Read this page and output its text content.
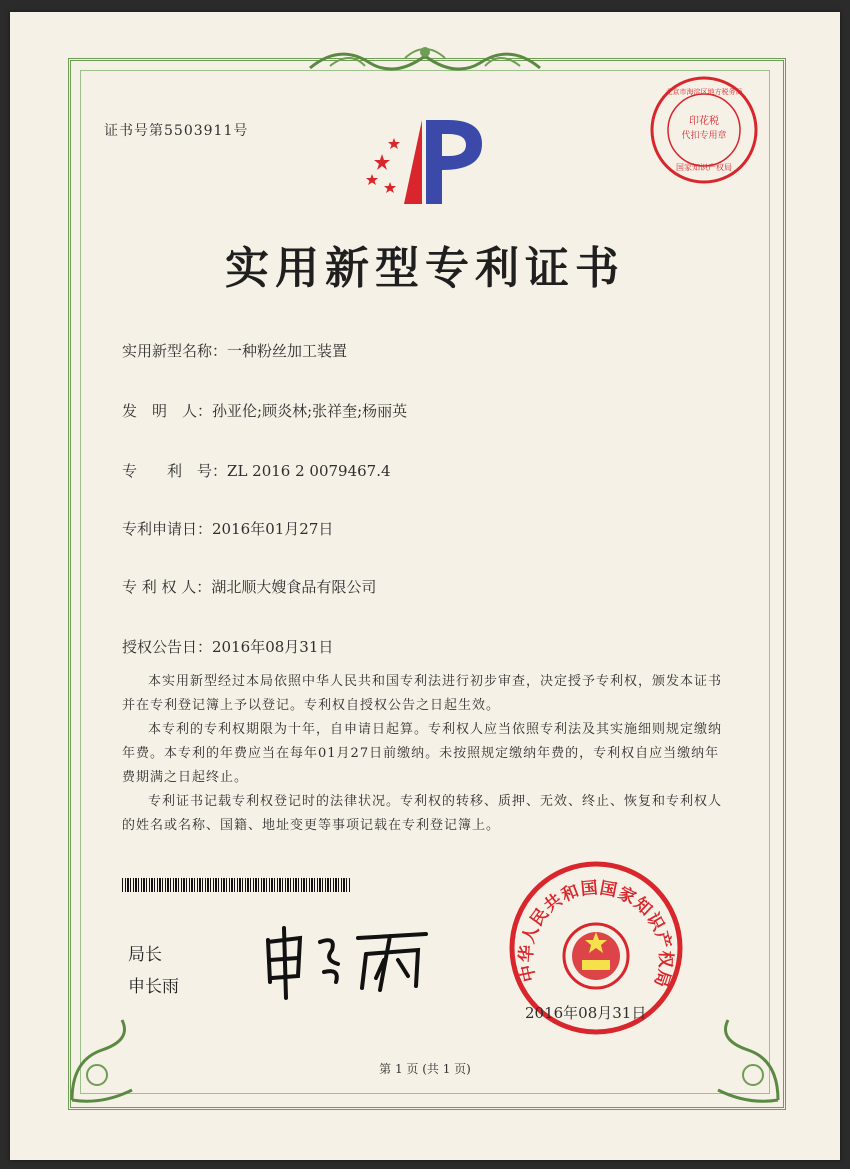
证书号第5503911号
印花税
代扣专用章
国家知识产权局
北京市海淀区地方税务局
实用新型专利证书
实用新型名称：一种粉丝加工装置
发　明　人：孙亚伦;顾炎林;张祥奎;杨丽英
专　　利　号：ZL 2016 2 0079467.4
专利申请日：2016年01月27日
专 利 权 人：湖北顺大嫂食品有限公司
授权公告日：2016年08月31日

本实用新型经过本局依照中华人民共和国专利法进行初步审查，决定授予专利权，颁发本证书并在专利登记簿上予以登记。专利权自授权公告之日起生效。

本专利的专利权期限为十年，自申请日起算。专利权人应当依照专利法及其实施细则规定缴纳年费。本专利的年费应当在每年01月27日前缴纳。未按照规定缴纳年费的，专利权自应当缴纳年费期满之日起终止。

专利证书记载专利权登记时的法律状况。专利权的转移、质押、无效、终止、恢复和专利权人的姓名或名称、国籍、地址变更等事项记载在专利登记簿上。

局长
申长雨
中华人民共和国国家知识产权局
2016年08月31日
第 1 页 (共 1 页)
